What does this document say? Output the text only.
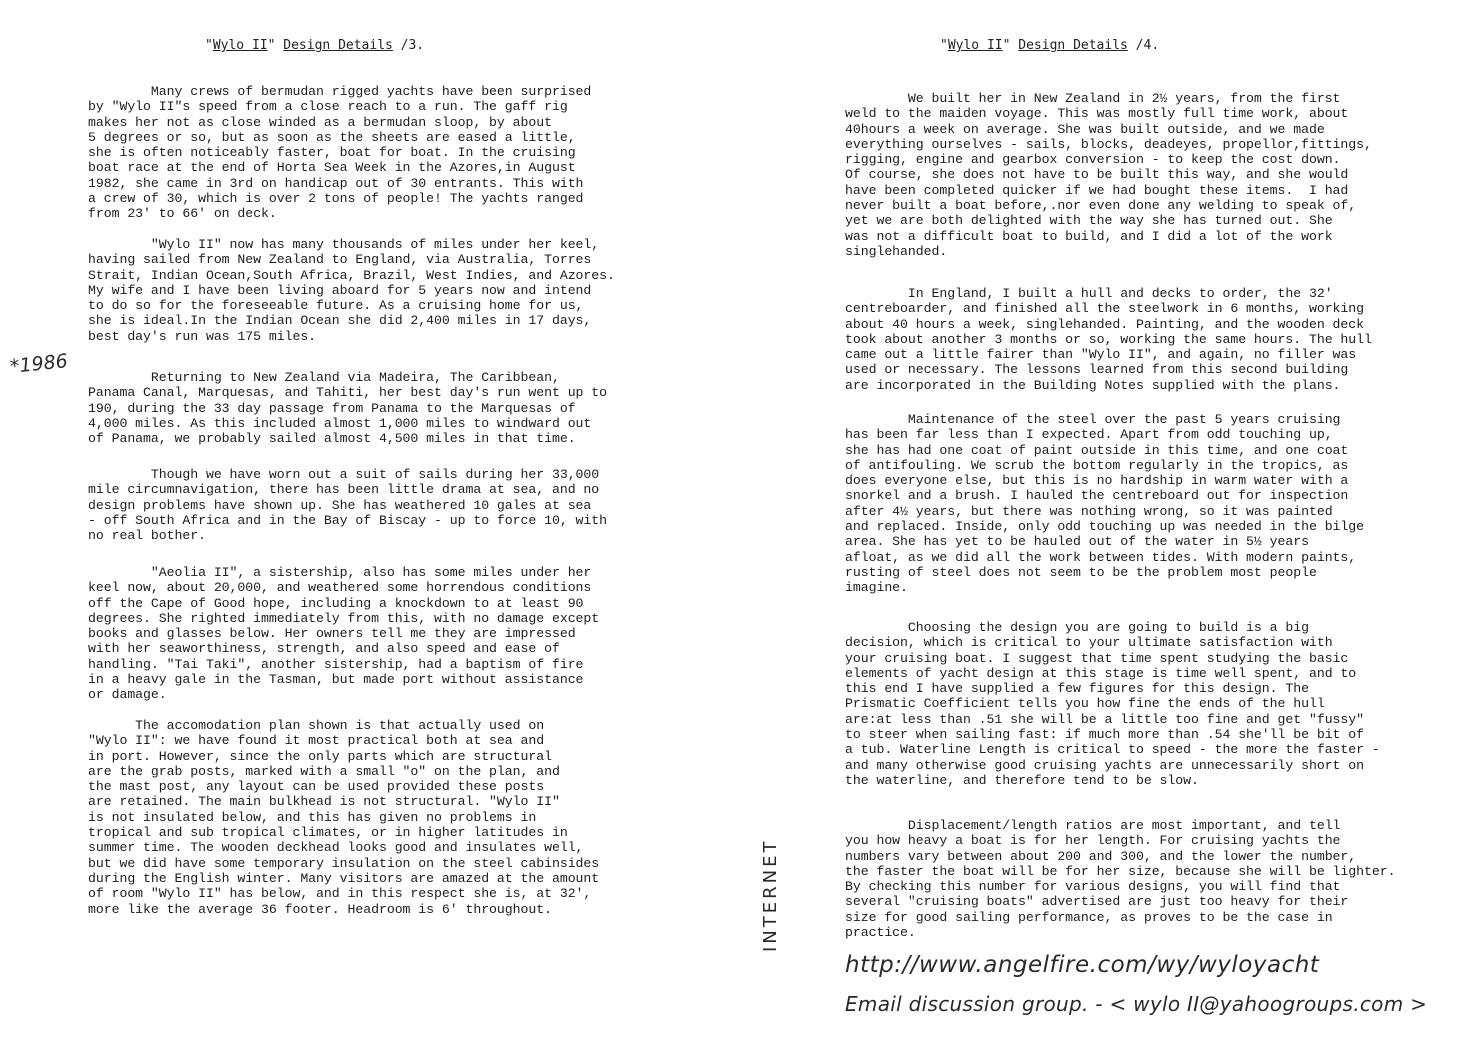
"Wylo II" Design Details /3.

Many crews of bermudan rigged yachts have been surprised
by "Wylo II"s speed from a close reach to a run. The gaff rig
makes her not as close winded as a bermudan sloop, by about
5 degrees or so, but as soon as the sheets are eased a little,
she is often noticeably faster, boat for boat. In the cruising
boat race at the end of Horta Sea Week in the Azores,in August
1982, she came in 3rd on handicap out of 30 entrants. This with
a crew of 30, which is over 2 tons of people! The yachts ranged
from 23' to 66' on deck.

"Wylo II" now has many thousands of miles under her keel,
having sailed from New Zealand to England, via Australia, Torres
Strait, Indian Ocean,South Africa, Brazil, West Indies, and Azores.
My wife and I have been living aboard for 5 years now and intend
to do so for the foreseeable future. As a cruising home for us,
she is ideal.In the Indian Ocean she did 2,400 miles in 17 days,
best day's run was 175 miles.

Returning to New Zealand via Madeira, The Caribbean,
Panama Canal, Marquesas, and Tahiti, her best day's run went up to
190, during the 33 day passage from Panama to the Marquesas of
4,000 miles. As this included almost 1,000 miles to windward out
of Panama, we probably sailed almost 4,500 miles in that time.

Though we have worn out a suit of sails during her 33,000
mile circumnavigation, there has been little drama at sea, and no
design problems have shown up. She has weathered 10 gales at sea
- off South Africa and in the Bay of Biscay - up to force 10, with
no real bother.

"Aeolia II", a sistership, also has some miles under her
keel now, about 20,000, and weathered some horrendous conditions
off the Cape of Good hope, including a knockdown to at least 90
degrees. She righted immediately from this, with no damage except
books and glasses below. Her owners tell me they are impressed
with her seaworthiness, strength, and also speed and ease of
handling. "Tai Taki", another sistership, had a baptism of fire
in a heavy gale in the Tasman, but made port without assistance
or damage.

The accomodation plan shown is that actually used on
"Wylo II": we have found it most practical both at sea and
in port. However, since the only parts which are structural
are the grab posts, marked with a small "o" on the plan, and
the mast post, any layout can be used provided these posts
are retained. The main bulkhead is not structural. "Wylo II"
is not insulated below, and this has given no problems in
tropical and sub tropical climates, or in higher latitudes in
summer time. The wooden deckhead looks good and insulates well,
but we did have some temporary insulation on the steel cabinsides
during the English winter. Many visitors are amazed at the amount
of room "Wylo II" has below, and in this respect she is, at 32',
more like the average 36 footer. Headroom is 6' throughout.

*1986
"Wylo II" Design Details /4.

We built her in New Zealand in 2½ years, from the first
weld to the maiden voyage. This was mostly full time work, about
40hours a week on average. She was built outside, and we made
everything ourselves - sails, blocks, deadeyes, propellor,fittings,
rigging, engine and gearbox conversion - to keep the cost down.
Of course, she does not have to be built this way, and she would
have been completed quicker if we had bought these items.  I had
never built a boat before,.nor even done any welding to speak of,
yet we are both delighted with the way she has turned out. She
was not a difficult boat to build, and I did a lot of the work
singlehanded.

In England, I built a hull and decks to order, the 32'
centreboarder, and finished all the steelwork in 6 months, working
about 40 hours a week, singlehanded. Painting, and the wooden deck
took about another 3 months or so, working the same hours. The hull
came out a little fairer than "Wylo II", and again, no filler was
used or necessary. The lessons learned from this second building
are incorporated in the Building Notes supplied with the plans.

Maintenance of the steel over the past 5 years cruising
has been far less than I expected. Apart from odd touching up,
she has had one coat of paint outside in this time, and one coat
of antifouling. We scrub the bottom regularly in the tropics, as
does everyone else, but this is no hardship in warm water with a
snorkel and a brush. I hauled the centreboard out for inspection
after 4½ years, but there was nothing wrong, so it was painted
and replaced. Inside, only odd touching up was needed in the bilge
area. She has yet to be hauled out of the water in 5½ years
afloat, as we did all the work between tides. With modern paints,
rusting of steel does not seem to be the problem most people
imagine.

Choosing the design you are going to build is a big
decision, which is critical to your ultimate satisfaction with
your cruising boat. I suggest that time spent studying the basic
elements of yacht design at this stage is time well spent, and to
this end I have supplied a few figures for this design. The
Prismatic Coefficient tells you how fine the ends of the hull
are:at less than .51 she will be a little too fine and get "fussy"
to steer when sailing fast: if much more than .54 she'll be bit of
a tub. Waterline Length is critical to speed - the more the faster -
and many otherwise good cruising yachts are unnecessarily short on
the waterline, and therefore tend to be slow.

Displacement/length ratios are most important, and tell
you how heavy a boat is for her length. For cruising yachts the
numbers vary between about 200 and 300, and the lower the number,
the faster the boat will be for her size, because she will be lighter.
By checking this number for various designs, you will find that
several "cruising boats" advertised are just too heavy for their
size for good sailing performance, as proves to be the case in
practice.

INTERNET
http://www.angelfire.com/wy/wyloyacht
Email discussion group. - < wylo II@yahoogroups.com >
